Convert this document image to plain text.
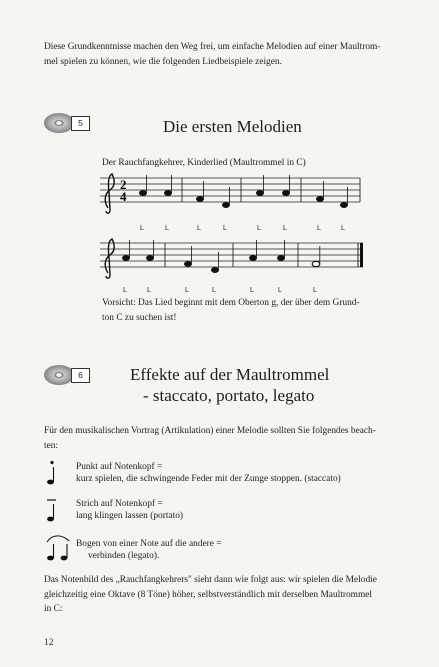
Diese Grundkenntnisse machen den Weg frei, um einfache Melodien auf einer Maultrom-
mel spielen zu können, wie die folgenden Liedbeispiele zeigen.
5	Die ersten Melodien
Der Rauchfangkehrer, Kinderlied (Maultrommel in C)
2
4
L	L	L	L	L	L	L	L
L	L	L	L	L	L	L
Vorsicht: Das Lied beginnt mit dem Oberton g, der über dem Grund-
ton C zu suchen ist!
6	Effekte auf der Maultrommel
- staccato, portato, legato
Für den musikalischen Vortrag (Artikulation) einer Melodie sollten Sie folgendes beach-
ten:
Punkt auf Notenkopf =
kurz spielen, die schwingende Feder mit der Zunge stoppen. (staccato)
Strich auf Notenkopf =
lang klingen lassen (portato)
Bogen von einer Note auf die andere =
verbinden (legato).
Das Notenbild des „Rauchfangkehrers" sieht dann wie folgt aus: wir spielen die Melodie
gleichzeitig eine Oktave (8 Töne) höher, selbstverständlich mit derselben Maultrommel
in C:
12
